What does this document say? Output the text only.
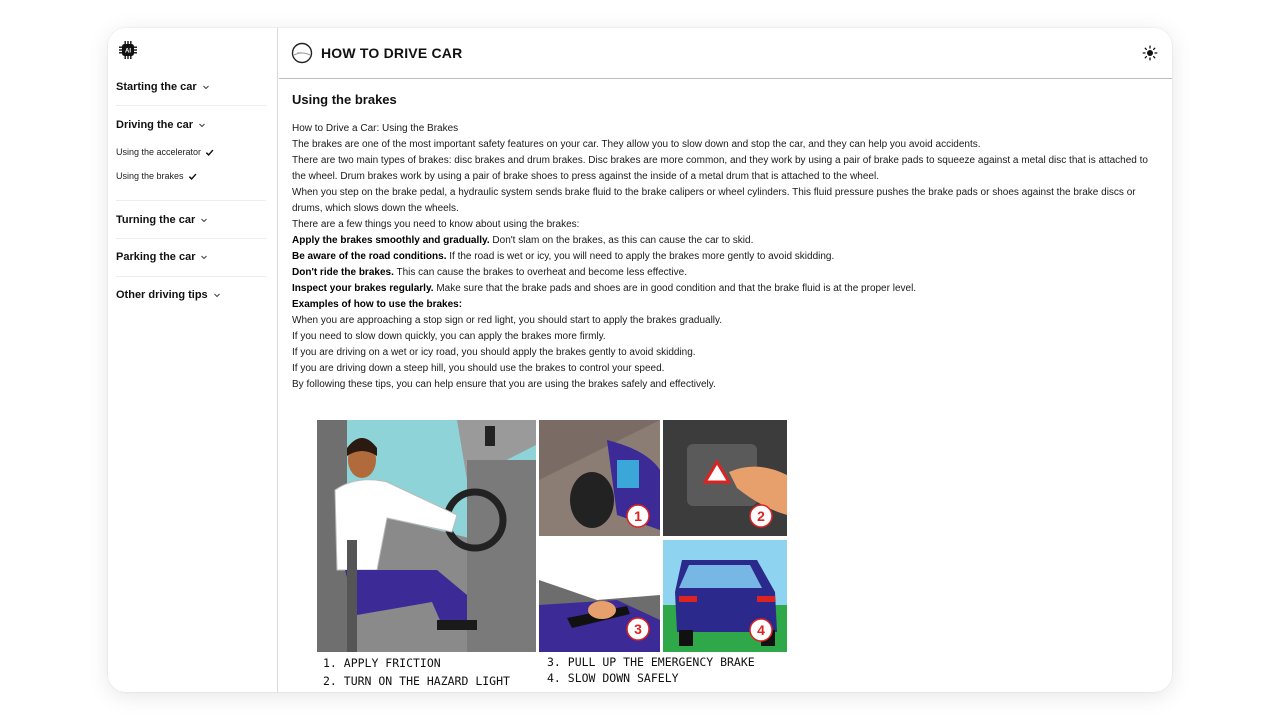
AI
Starting the car
Driving the car
Using the accelerator
Using the brakes
Turning the car
Parking the car
Other driving tips
HOW TO DRIVE CAR
Using the brakes

How to Drive a Car: Using the Brakes

The brakes are one of the most important safety features on your car. They allow you to slow down and stop the car, and they can help you avoid accidents.

There are two main types of brakes: disc brakes and drum brakes. Disc brakes are more common, and they work by using a pair of brake pads to squeeze against a metal disc that is attached to the wheel. Drum brakes work by using a pair of brake shoes to press against the inside of a metal drum that is attached to the wheel.

When you step on the brake pedal, a hydraulic system sends brake fluid to the brake calipers or wheel cylinders. This fluid pressure pushes the brake pads or shoes against the brake discs or drums, which slows down the wheels.

There are a few things you need to know about using the brakes:

Apply the brakes smoothly and gradually. Don't slam on the brakes, as this can cause the car to skid.

Be aware of the road conditions. If the road is wet or icy, you will need to apply the brakes more gently to avoid skidding.

Don't ride the brakes. This can cause the brakes to overheat and become less effective.

Inspect your brakes regularly. Make sure that the brake pads and shoes are in good condition and that the brake fluid is at the proper level.

Examples of how to use the brakes:

When you are approaching a stop sign or red light, you should start to apply the brakes gradually.

If you need to slow down quickly, you can apply the brakes more firmly.

If you are driving on a wet or icy road, you should apply the brakes gently to avoid skidding.

If you are driving down a steep hill, you should use the brakes to control your speed.

By following these tips, you can help ensure that you are using the brakes safely and effectively.

1	2
3	4
1. APPLY FRICTION
2. TURN ON THE HAZARD LIGHT
3. PULL UP THE EMERGENCY BRAKE
4. SLOW DOWN SAFELY
